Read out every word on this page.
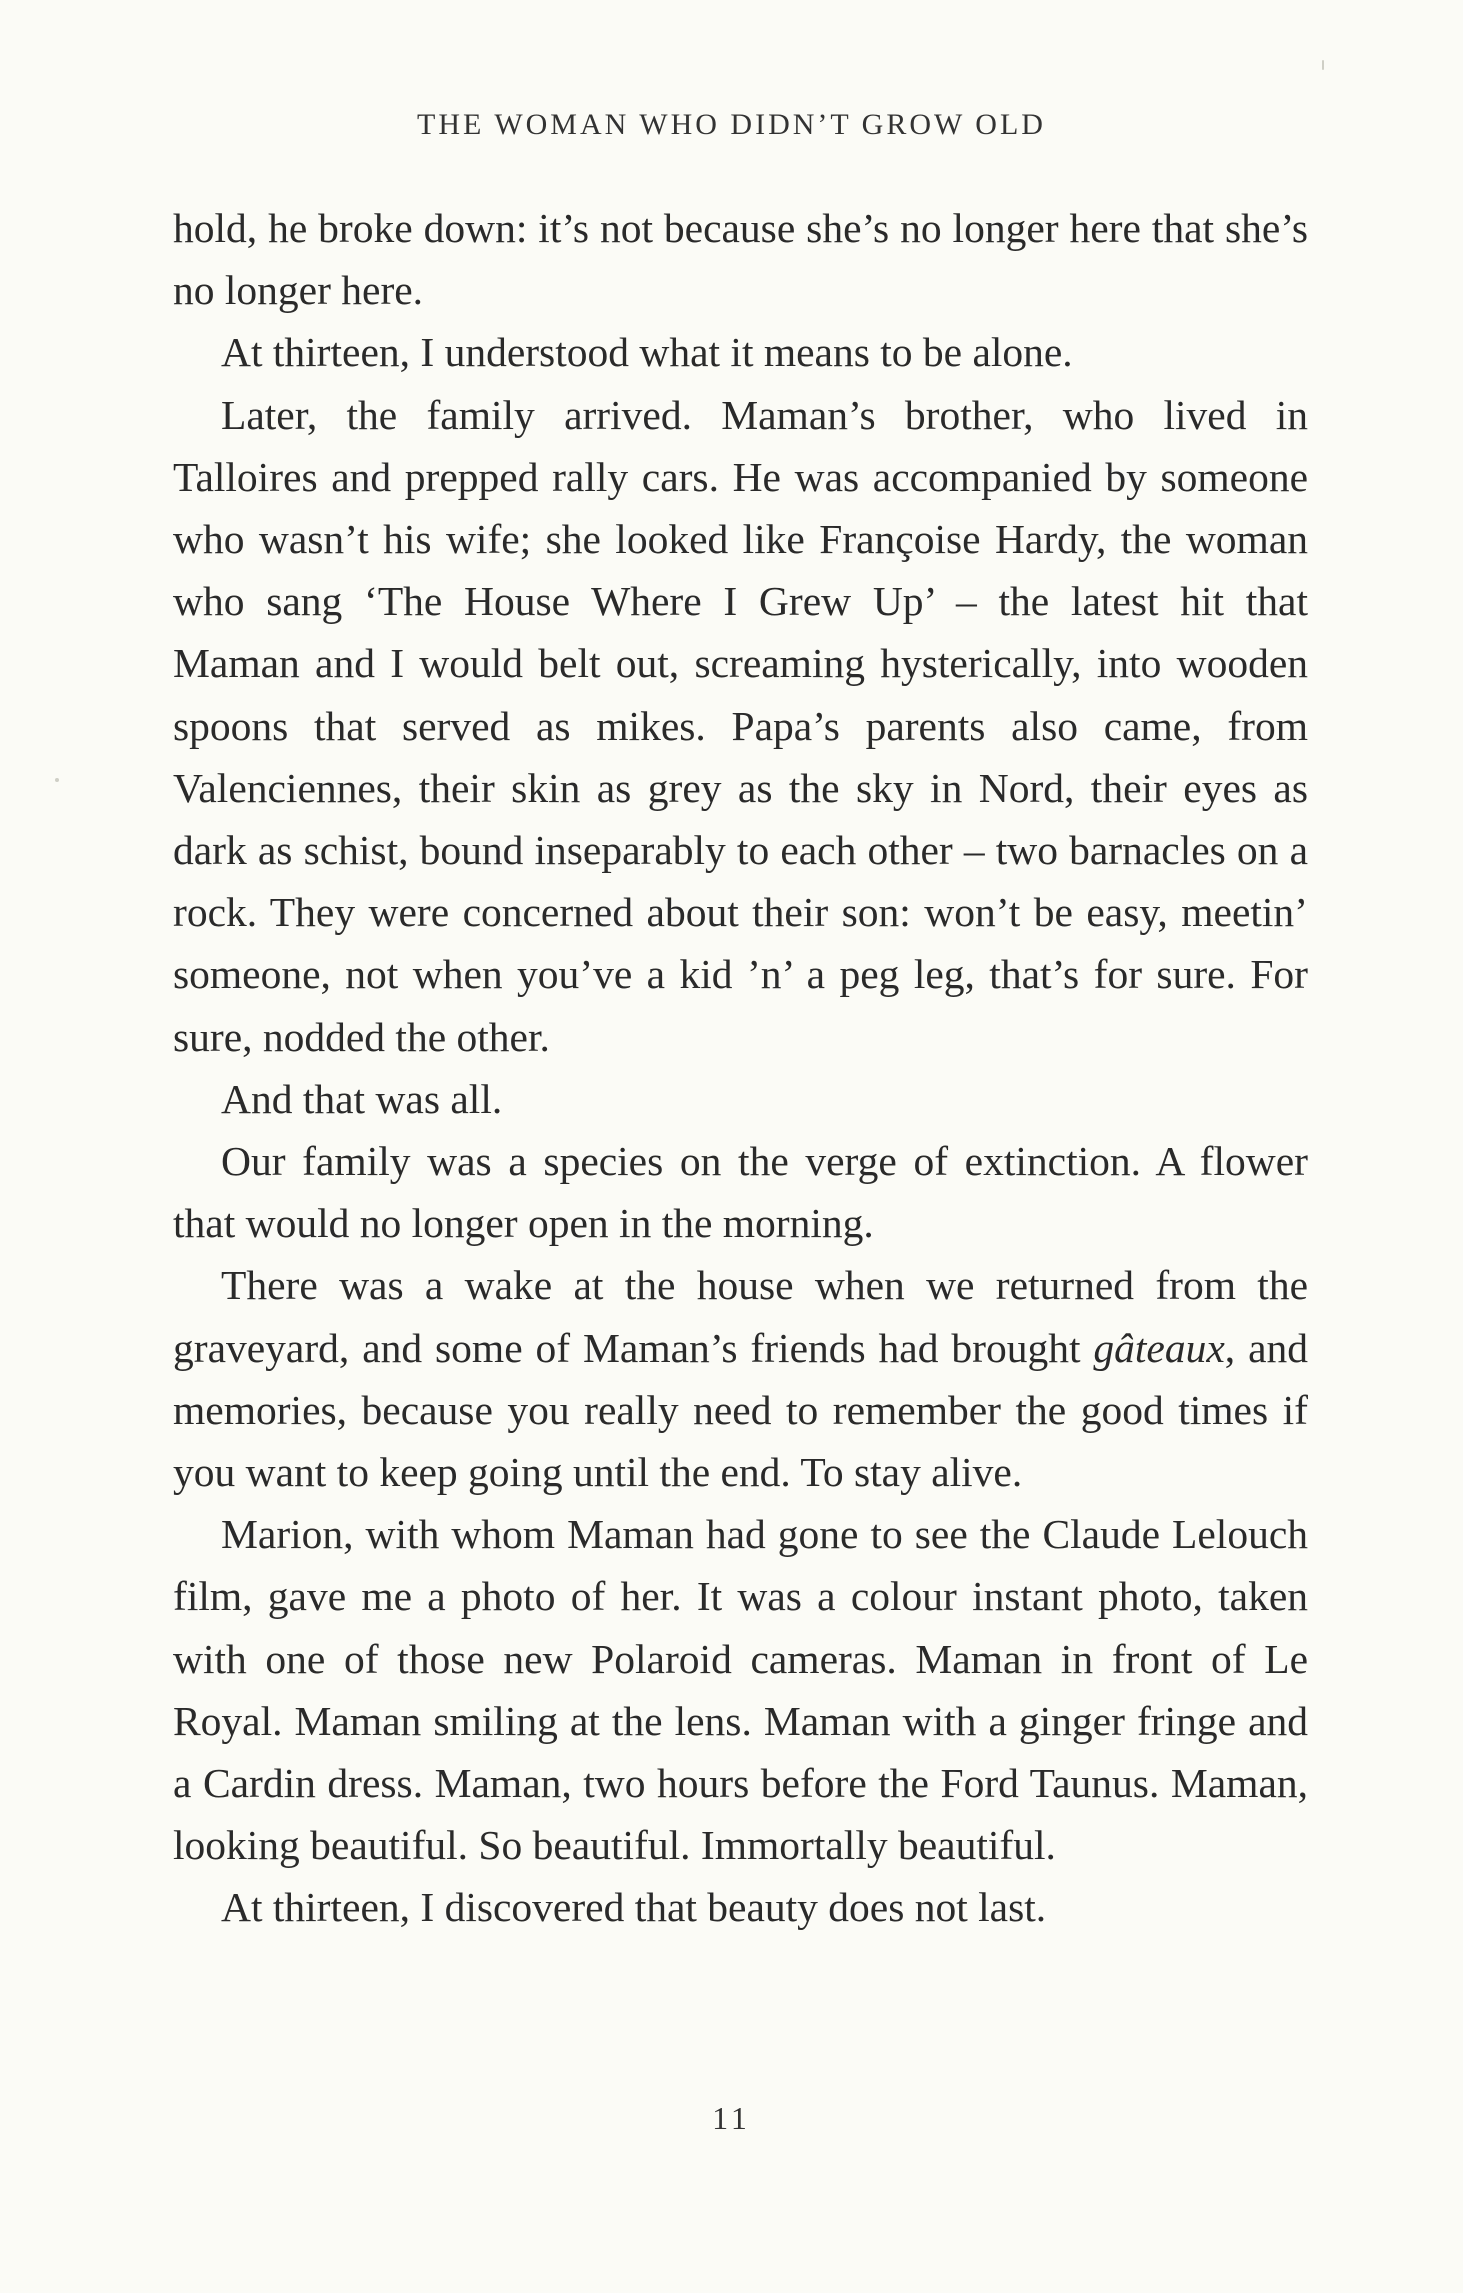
THE WOMAN WHO DIDN’T GROW OLD

hold, he broke down: it’s not because she’s no longer here that she’s no longer here.

At thirteen, I understood what it means to be alone.

Later, the family arrived. Maman’s brother, who lived in Talloires and prepped rally cars. He was accompanied by someone who wasn’t his wife; she looked like Françoise Hardy, the woman who sang ‘The House Where I Grew Up’ – the latest hit that Maman and I would belt out, screaming hysterically, into wooden spoons that served as mikes. Papa’s parents also came, from Valenciennes, their skin as grey as the sky in Nord, their eyes as dark as schist, bound inseparably to each other – two barnacles on a rock. They were concerned about their son: won’t be easy, meetin’ someone, not when you’ve a kid ’n’ a peg leg, that’s for sure. For sure, nodded the other.

And that was all.

Our family was a species on the verge of extinction. A flower that would no longer open in the morning.

There was a wake at the house when we returned from the graveyard, and some of Maman’s friends had brought gâteaux, and memories, because you really need to remember the good times if you want to keep going until the end. To stay alive.

Marion, with whom Maman had gone to see the Claude Lelouch film, gave me a photo of her. It was a colour instant photo, taken with one of those new Polaroid cameras. Maman in front of Le Royal. Maman smiling at the lens. Maman with a ginger fringe and a Cardin dress. Maman, two hours before the Ford Taunus. Maman, looking beautiful. So beautiful. Immortally beautiful.

At thirteen, I discovered that beauty does not last.

11
